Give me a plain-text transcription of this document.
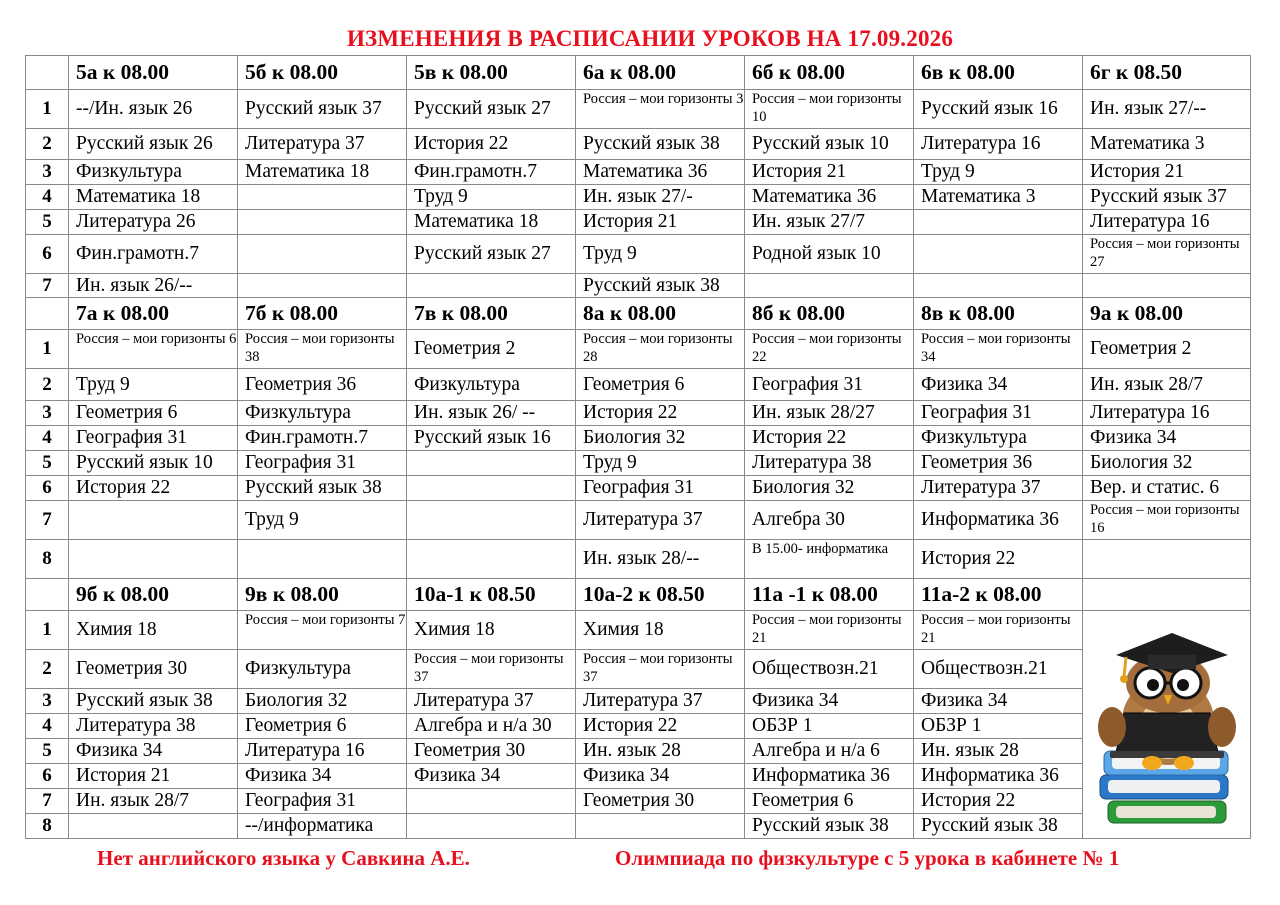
ИЗМЕНЕНИЯ В РАСПИСАНИИ УРОКОВ НА 17.09.2026
	5а к 08.00	5б к 08.00	5в к 08.00	6а к 08.00	6б к 08.00	6в к 08.00	6г к 08.50
1	--/Ин. язык 26	Русский язык 37	Русский язык 27	Россия – мои горизонты 3	Россия – мои горизонты 10	Русский язык 16	Ин. язык 27/--
2	Русский язык 26	Литература 37	История 22	Русский язык 38	Русский язык 10	Литература 16	Математика 3
3	Физкультура	Математика 18	Фин.грамотн.7	Математика 36	История 21	Труд 9	История 21
4	Математика 18		Труд 9	Ин. язык 27/-	Математика 36	Математика 3	Русский язык 37
5	Литература 26		Математика 18	История 21	Ин. язык 27/7		Литература 16
6	Фин.грамотн.7		Русский язык 27	Труд 9	Родной язык 10		Россия – мои горизонты 27

7	Ин. язык 26/--			Русский язык 38			
	7а к 08.00	7б к 08.00	7в к 08.00	8а к 08.00	8б к 08.00	8в к 08.00	9а к 08.00
1	Россия – мои горизонты 6	Россия – мои горизонты 38	Геометрия 2	Россия – мои горизонты 28	Россия – мои горизонты 22	Россия – мои горизонты 34	Геометрия 2
2	Труд 9	Геометрия 36	Физкультура	Геометрия 6	География 31	Физика 34	Ин. язык 28/7
3	Геометрия 6	Физкультура	Ин. язык 26/ --	История 22	Ин. язык 28/27	География 31	Литература 16
4	География 31	Фин.грамотн.7	Русский язык 16	Биология 32	История 22	Физкультура	Физика 34
5	Русский язык 10	География 31		Труд 9	Литература 38	Геометрия 36	Биология 32
6	История 22	Русский язык 38		География 31	Биология 32	Литература 37	Вер. и статис. 6
7		Труд 9		Литература 37	Алгебра 30	Информатика 36	Россия – мои горизонты 16

8				Ин. язык 28/--	В 15.00- информатика	История 22	
	9б к 08.00	9в к 08.00	10а-1 к 08.50	10а-2 к 08.50	11а -1 к 08.00	11а-2 к 08.00	
1	Химия 18	Россия – мои горизонты 7	Химия 18	Химия 18	Россия – мои горизонты 21	Россия – мои горизонты 21	

2	Геометрия 30	Физкультура	Россия – мои горизонты 37	Россия – мои горизонты 37	Обществозн.21	Обществозн.21	
3	Русский язык 38	Биология 32	Литература 37	Литература 37	Физика 34	Физика 34	
4	Литература 38	Геометрия 6	Алгебра и н/а 30	История 22	ОБЗР 1	ОБЗР 1	
5	Физика 34	Литература 16	Геометрия 30	Ин. язык 28	Алгебра и н/а 6	Ин. язык 28	
6	История 21	Физика 34	Физика 34	Физика 34	Информатика 36	Информатика 36	
7	Ин. язык 28/7	География 31		Геометрия 30	Геометрия 6	История 22	
8		--/информатика			Русский язык 38	Русский язык 38	
Нет английского языка у Савкина А.Е.	Олимпиада по физкультуре с 5 урока в кабинете № 1
